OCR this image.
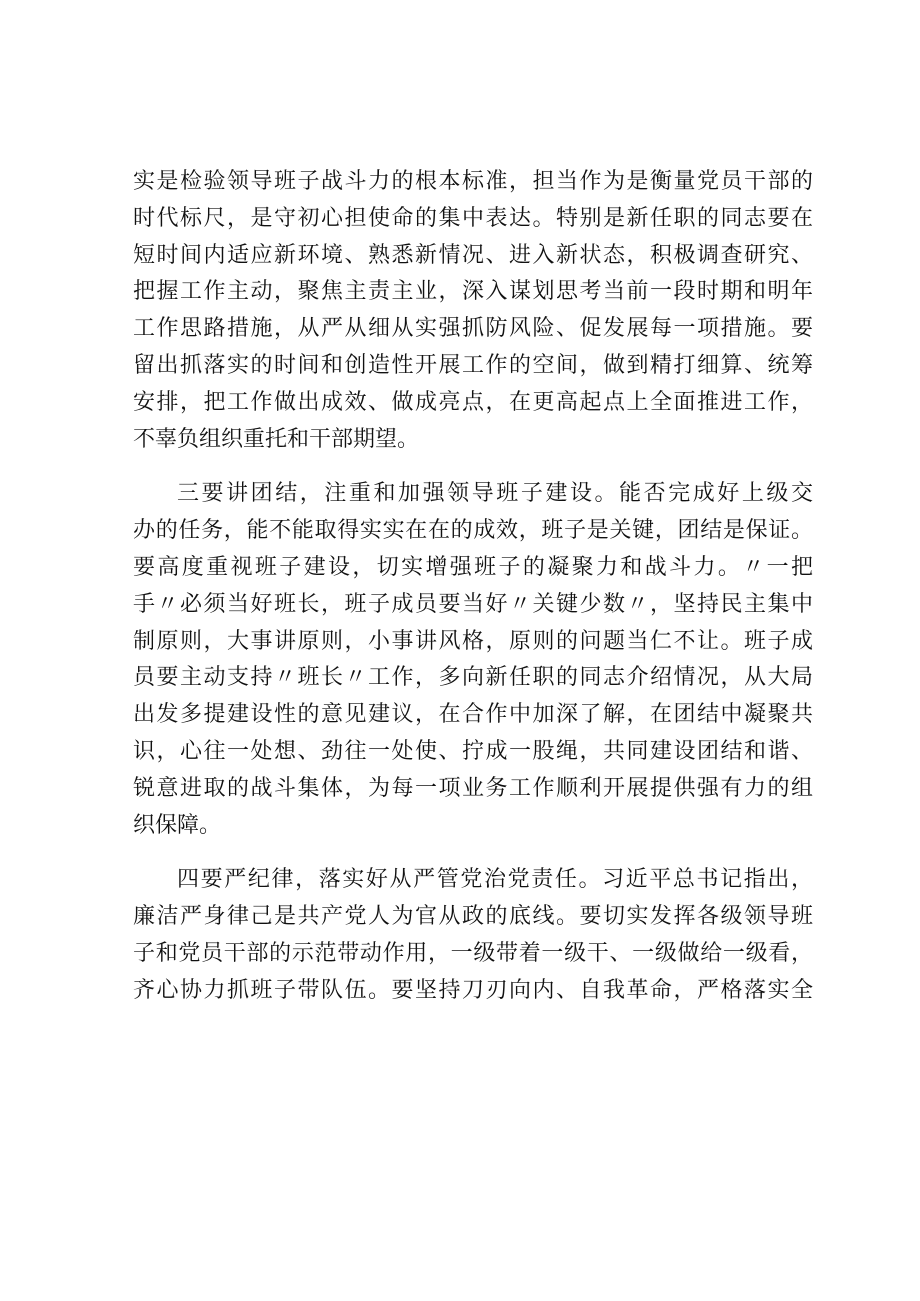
实是检验领导班子战斗力的根本标准，担当作为是衡量党员干部的
时代标尺，是守初心担使命的集中表达。特别是新任职的同志要在
短时间内适应新环境、熟悉新情况、进入新状态，积极调查研究、
把握工作主动，聚焦主责主业，深入谋划思考当前一段时期和明年
工作思路措施，从严从细从实强抓防风险、促发展每一项措施。要
留出抓落实的时间和创造性开展工作的空间，做到精打细算、统筹
安排，把工作做出成效、做成亮点，在更高起点上全面推进工作，
不辜负组织重托和干部期望。

三要讲团结，注重和加强领导班子建设。能否完成好上级交
办的任务，能不能取得实实在在的成效，班子是关键，团结是保证。
要高度重视班子建设，切实增强班子的凝聚力和战斗力。〃一把
手〃必须当好班长，班子成员要当好〃关键少数〃，坚持民主集中
制原则，大事讲原则，小事讲风格，原则的问题当仁不让。班子成
员要主动支持〃班长〃工作，多向新任职的同志介绍情况，从大局
出发多提建设性的意见建议，在合作中加深了解，在团结中凝聚共
识，心往一处想、劲往一处使、拧成一股绳，共同建设团结和谐、
锐意进取的战斗集体，为每一项业务工作顺利开展提供强有力的组
织保障。

四要严纪律，落实好从严管党治党责任。习近平总书记指出，
廉洁严身律己是共产党人为官从政的底线。要切实发挥各级领导班
子和党员干部的示范带动作用，一级带着一级干、一级做给一级看，
齐心协力抓班子带队伍。要坚持刀刃向内、自我革命，严格落实全
